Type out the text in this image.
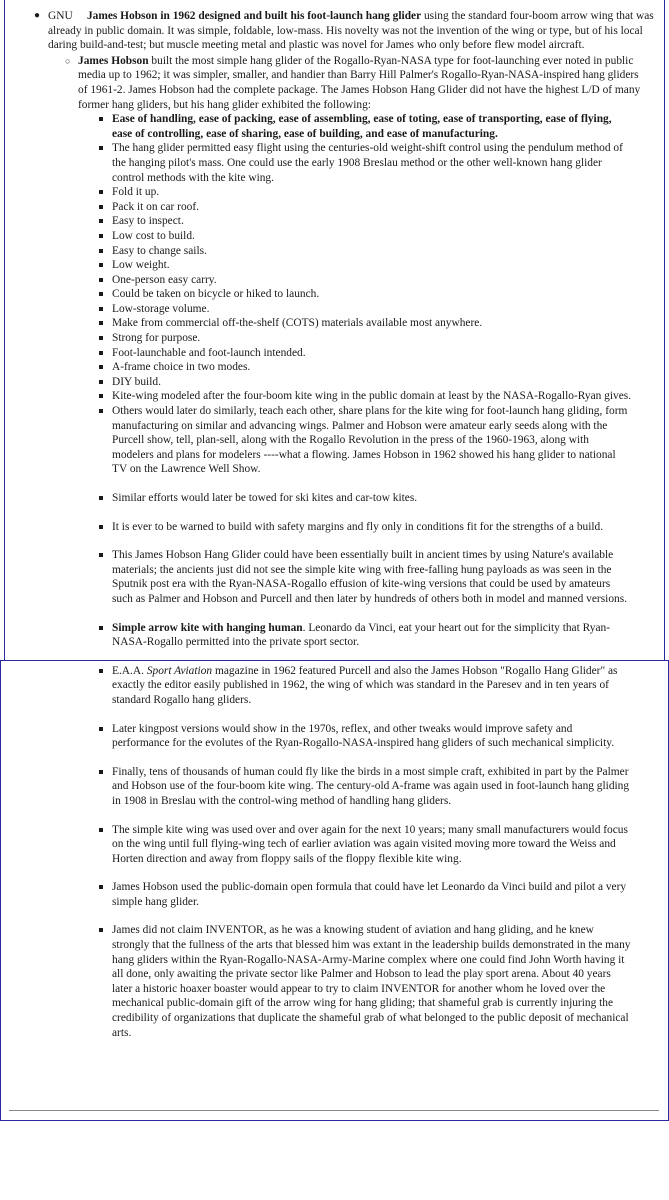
● GNU James Hobson in 1962 designed and built his foot-launch hang glider using the standard four-boom arrow wing that was already in public domain. It was simple, foldable, low-mass. His novelty was not the invention of the wing or type, but of his local daring build-and-test; but muscle meeting metal and plastic was novel for James who only before flew model aircraft.
○ James Hobson built the most simple hang glider of the Rogallo-Ryan-NASA type for foot-launching ever noted in public media up to 1962; it was simpler, smaller, and handier than Barry Hill Palmer's Rogallo-Ryan-NASA-inspired hang gliders of 1961-2. James Hobson had the complete package. The James Hobson Hang Glider did not have the highest L/D of many former hang gliders, but his hang glider exhibited the following:
Ease of handling, ease of packing, ease of assembling, ease of toting, ease of transporting, ease of flying, ease of controlling, ease of sharing, ease of building, and ease of manufacturing.
The hang glider permitted easy flight using the centuries-old weight-shift control using the pendulum method of the hanging pilot's mass. One could use the early 1908 Breslau method or the other well-known hang glider control methods with the kite wing.
Fold it up.
Pack it on car roof.
Easy to inspect.
Low cost to build.
Easy to change sails.
Low weight.
One-person easy carry.
Could be taken on bicycle or hiked to launch.
Low-storage volume.
Make from commercial off-the-shelf (COTS) materials available most anywhere.
Strong for purpose.
Foot-launchable and foot-launch intended.
A-frame choice in two modes.
DIY build.
Kite-wing modeled after the four-boom kite wing in the public domain at least by the NASA-Rogallo-Ryan gives.
Others would later do similarly, teach each other, share plans for the kite wing for foot-launch hang gliding, form manufacturing on similar and advancing wings. Palmer and Hobson were amateur early seeds along with the Purcell show, tell, plan-sell, along with the Rogallo Revolution in the press of the 1960-1963, along with modelers and plans for modelers ----what a flowing. James Hobson in 1962 showed his hang glider to national TV on the Lawrence Well Show.
Similar efforts would later be towed for ski kites and car-tow kites.
It is ever to be warned to build with safety margins and fly only in conditions fit for the strengths of a build.
This James Hobson Hang Glider could have been essentially built in ancient times by using Nature's available materials; the ancients just did not see the simple kite wing with free-falling hung payloads as was seen in the Sputnik post era with the Ryan-NASA-Rogallo effusion of kite-wing versions that could be used by amateurs such as Palmer and Hobson and Purcell and then later by hundreds of others both in model and manned versions.
Simple arrow kite with hanging human. Leonardo da Vinci, eat your heart out for the simplicity that Ryan-NASA-Rogallo permitted into the private sport sector.
E.A.A. Sport Aviation magazine in 1962 featured Purcell and also the James Hobson "Rogallo Hang Glider" as exactly the editor easily published in 1962, the wing of which was standard in the Paresev and in ten years of standard Rogallo hang gliders.
Later kingpost versions would show in the 1970s, reflex, and other tweaks would improve safety and performance for the evolutes of the Ryan-Rogallo-NASA-inspired hang gliders of such mechanical simplicity.
Finally, tens of thousands of human could fly like the birds in a most simple craft, exhibited in part by the Palmer and Hobson use of the four-boom kite wing. The century-old A-frame was again used in foot-launch hang gliding in 1908 in Breslau with the control-wing method of handling hang gliders.
The simple kite wing was used over and over again for the next 10 years; many small manufacturers would focus on the wing until full flying-wing tech of earlier aviation was again visited moving more toward the Weiss and Horten direction and away from floppy sails of the floppy flexible kite wing.
James Hobson used the public-domain open formula that could have let Leonardo da Vinci build and pilot a very simple hang glider.
James did not claim INVENTOR, as he was a knowing student of aviation and hang gliding, and he knew strongly that the fullness of the arts that blessed him was extant in the leadership builds demonstrated in the many hang gliders within the Ryan-Rogallo-NASA-Army-Marine complex where one could find John Worth having it all done, only awaiting the private sector like Palmer and Hobson to lead the play sport arena. About 40 years later a historic hoaxer boaster would appear to try to claim INVENTOR for another whom he loved over the mechanical public-domain gift of the arrow wing for hang gliding; that shameful grab is currently injuring the credibility of organizations that duplicate the shameful grab of what belonged to the public deposit of mechanical arts.
